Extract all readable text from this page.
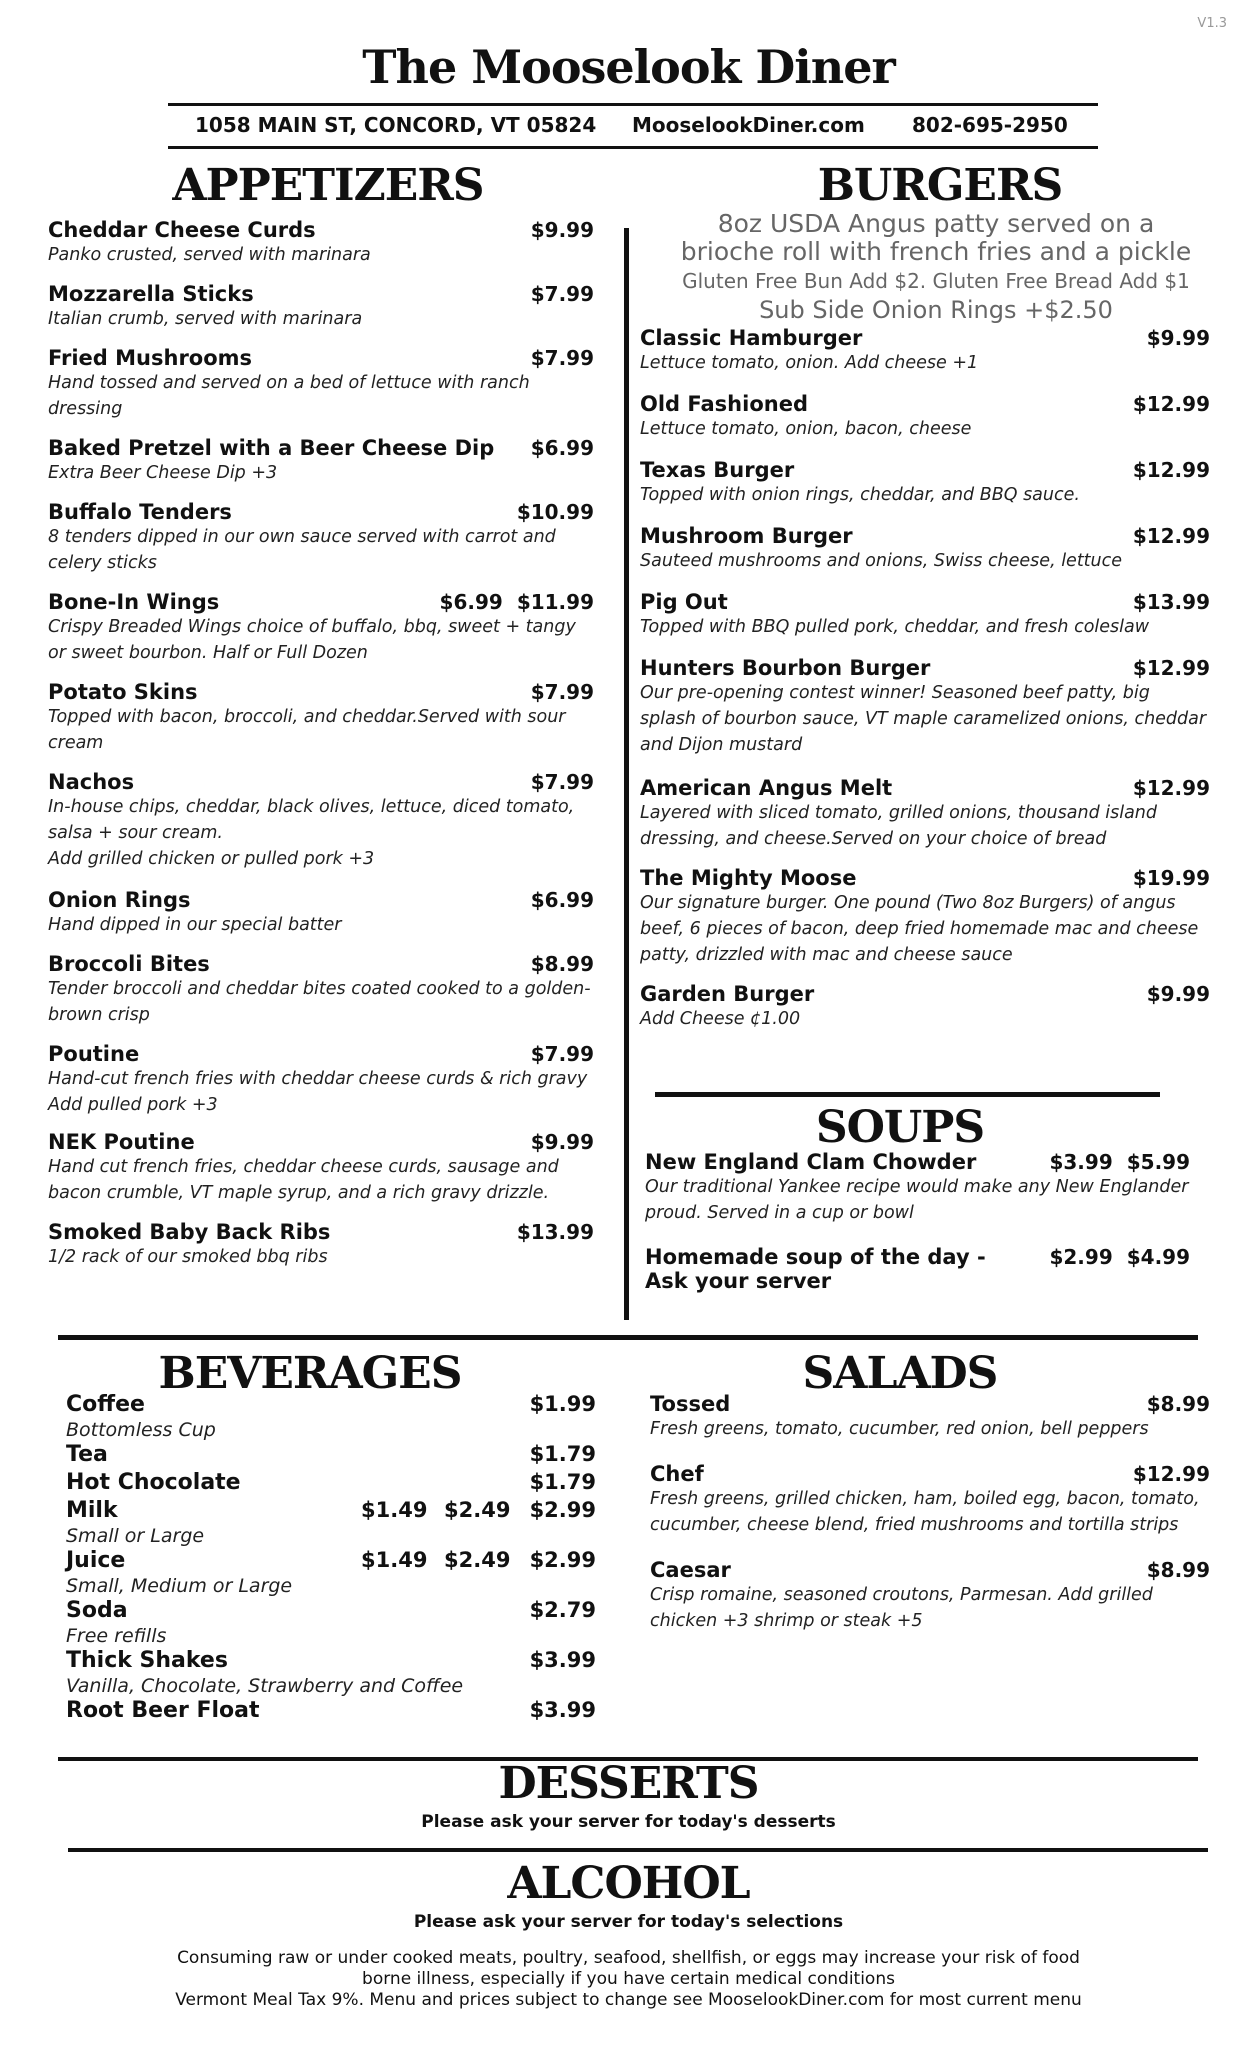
V1.3
The Mooselook Diner
1058 MAIN ST, CONCORD, VT 05824 MooselookDiner.com 802-695-2950
APPETIZERS
Cheddar Cheese Curds	$9.99
Panko crusted, served with marinara
Mozzarella Sticks	$7.99
Italian crumb, served with marinara
Fried Mushrooms	$7.99
Hand tossed and served on a bed of lettuce with ranch dressing
Baked Pretzel with a Beer Cheese Dip $6.99
Extra Beer Cheese Dip +3
Buffalo Tenders	$10.99
8 tenders dipped in our own sauce served with carrot and celery sticks
Bone-In Wings	$6.99 $11.99
Crispy Breaded Wings choice of buffalo, bbq, sweet + tangy or sweet bourbon. Half or Full Dozen
Potato Skins	$7.99
Topped with bacon, broccoli, and cheddar.Served with sour cream
Nachos	$7.99
In-house chips, cheddar, black olives, lettuce, diced tomato, salsa + sour cream.
Add grilled chicken or pulled pork +3
Onion Rings	$6.99
Hand dipped in our special batter
Broccoli Bites	$8.99
Tender broccoli and cheddar bites coated cooked to a golden-brown crisp
Poutine	$7.99
Hand-cut french fries with cheddar cheese curds & rich gravy
Add pulled pork +3
NEK Poutine	$9.99
Hand cut french fries, cheddar cheese curds, sausage and bacon crumble, VT maple syrup, and a rich gravy drizzle.
Smoked Baby Back Ribs	$13.99
1/2 rack of our smoked bbq ribs
BURGERS
8oz USDA Angus patty served on a
brioche roll with french fries and a pickle
Gluten Free Bun Add $2. Gluten Free Bread Add $1
Sub Side Onion Rings +$2.50
Classic Hamburger	$9.99
Lettuce tomato, onion. Add cheese +1
Old Fashioned	$12.99
Lettuce tomato, onion, bacon, cheese
Texas Burger	$12.99
Topped with onion rings, cheddar, and BBQ sauce.
Mushroom Burger	$12.99
Sauteed mushrooms and onions, Swiss cheese, lettuce
Pig Out	$13.99
Topped with BBQ pulled pork, cheddar, and fresh coleslaw
Hunters Bourbon Burger	$12.99
Our pre-opening contest winner! Seasoned beef patty, big splash of bourbon sauce, VT maple caramelized onions, cheddar and Dijon mustard
American Angus Melt	$12.99
Layered with sliced tomato, grilled onions, thousand island dressing, and cheese.Served on your choice of bread
The Mighty Moose	$19.99
Our signature burger. One pound (Two 8oz Burgers) of angus beef, 6 pieces of bacon, deep fried homemade mac and cheese patty, drizzled with mac and cheese sauce
Garden Burger	$9.99
Add Cheese ¢1.00
SOUPS
New England Clam Chowder	$3.99 $5.99
Our traditional Yankee recipe would make any New Englander proud. Served in a cup or bowl
Homemade soup of the day - Ask your server
$2.99 $4.99
BEVERAGES
Coffee	$1.99
Bottomless Cup
Tea	$1.79
Hot Chocolate	$1.79
Milk	$1.49 $2.49 $2.99
Small or Large
Juice	$1.49 $2.49 $2.99
Small, Medium or Large
Soda	$2.79
Free refills
Thick Shakes	$3.99
Vanilla, Chocolate, Strawberry and Coffee
Root Beer Float	$3.99
SALADS
Tossed	$8.99
Fresh greens, tomato, cucumber, red onion, bell peppers
Chef	$12.99
Fresh greens, grilled chicken, ham, boiled egg, bacon, tomato, cucumber, cheese blend, fried mushrooms and tortilla strips
Caesar	$8.99
Crisp romaine, seasoned croutons, Parmesan. Add grilled chicken +3 shrimp or steak +5
DESSERTS
Please ask your server for today's desserts
ALCOHOL
Please ask your server for today's selections
Consuming raw or under cooked meats, poultry, seafood, shellfish, or eggs may increase your risk of food
borne illness, especially if you have certain medical conditions
Vermont Meal Tax 9%. Menu and prices subject to change see MooselookDiner.com for most current menu
